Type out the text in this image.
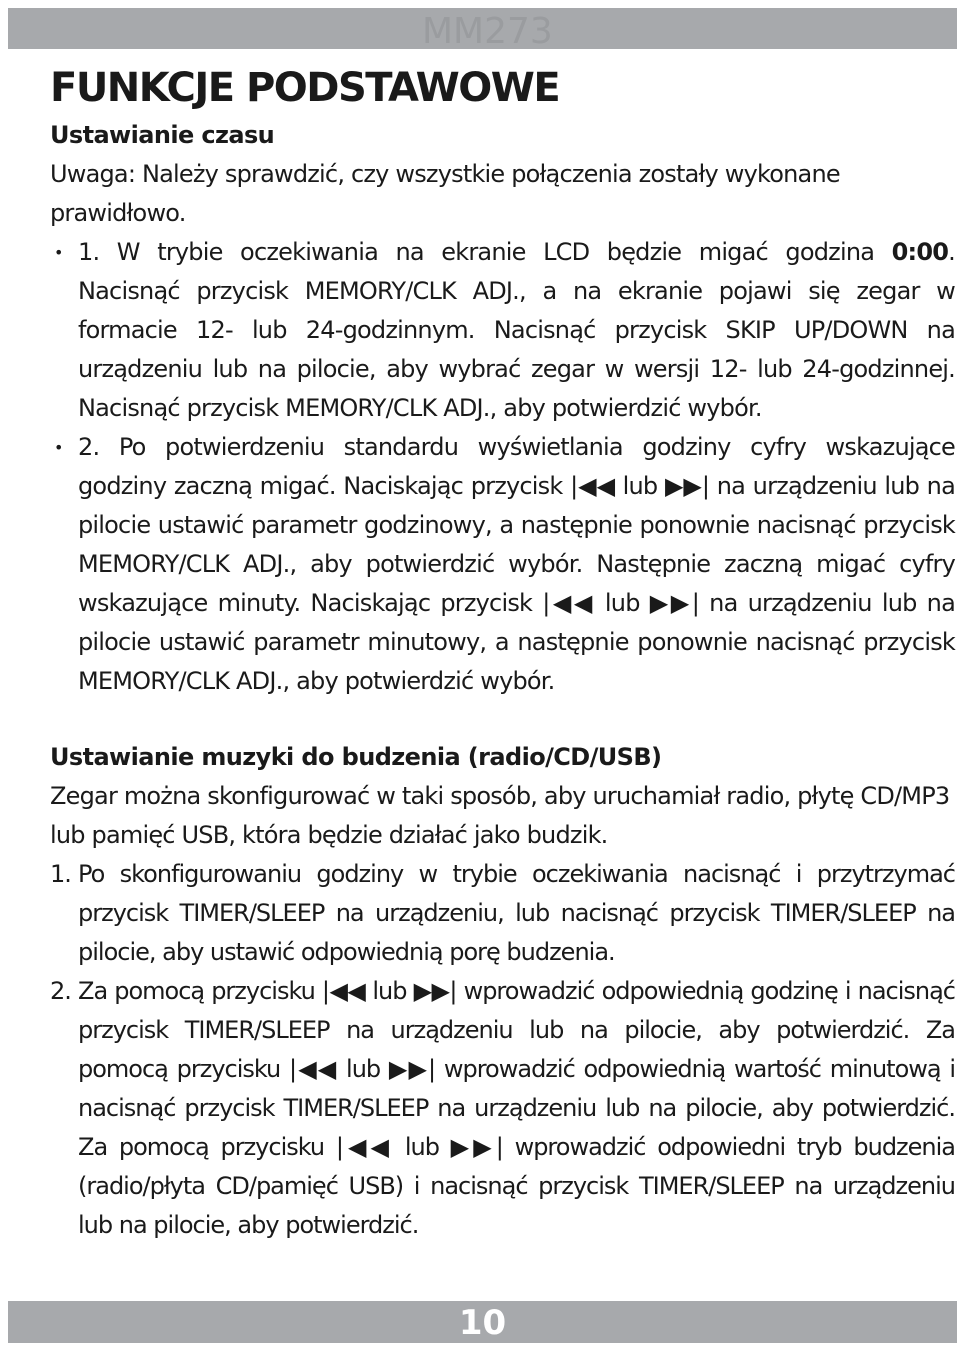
MM273
FUNKCJE PODSTAWOWE
Ustawianie czasu

Uwaga: Należy sprawdzić, czy wszystkie połączenia zostały wykonane prawidłowo.

• 1. W trybie oczekiwania na ekranie LCD będzie migać godzina 0:00. Nacisnąć przycisk MEMORY/CLK ADJ., a na ekranie pojawi się zegar w formacie 12- lub 24-godzinnym. Nacisnąć przycisk SKIP UP/DOWN na urządzeniu lub na pilocie, aby wybrać zegar w wersji 12- lub 24-godzinnej. Nacisnąć przycisk MEMORY/CLK ADJ., aby potwierdzić wybór.
• 2. Po potwierdzeniu standardu wyświetlania godziny cyfry wskazujące godziny zaczną migać. Naciskając przycisk |◀◀ lub ▶▶| na urządzeniu lub na pilocie ustawić parametr godzinowy, a następnie ponownie nacisnąć przycisk MEMORY/CLK ADJ., aby potwierdzić wybór. Następnie zaczną migać cyfry wskazujące minuty. Naciskając przycisk |◀◀ lub ▶▶| na urządzeniu lub na pilocie ustawić parametr minutowy, a następnie ponownie nacisnąć przycisk MEMORY/CLK ADJ., aby potwierdzić wybór.
Ustawianie muzyki do budzenia (radio/CD/USB)

Zegar można skonfigurować w taki sposób, aby uruchamiał radio, płytę CD/MP3 lub pamięć USB, która będzie działać jako budzik.

1. Po skonfigurowaniu godziny w trybie oczekiwania nacisnąć i przytrzymać przycisk TIMER/SLEEP na urządzeniu, lub nacisnąć przycisk TIMER/SLEEP na pilocie, aby ustawić odpowiednią porę budzenia.
2. Za pomocą przycisku |◀◀ lub ▶▶| wprowadzić odpowiednią godzinę i nacisnąć przycisk TIMER/SLEEP na urządzeniu lub na pilocie, aby potwierdzić. Za pomocą przycisku |◀◀ lub ▶▶| wprowadzić odpowiednią wartość minutową i nacisnąć przycisk TIMER/SLEEP na urządzeniu lub na pilocie, aby potwierdzić. Za pomocą przycisku |◀◀ lub ▶▶| wprowadzić odpowiedni tryb budzenia (radio/płyta CD/pamięć USB) i nacisnąć przycisk TIMER/SLEEP na urządzeniu lub na pilocie, aby potwierdzić.
10
